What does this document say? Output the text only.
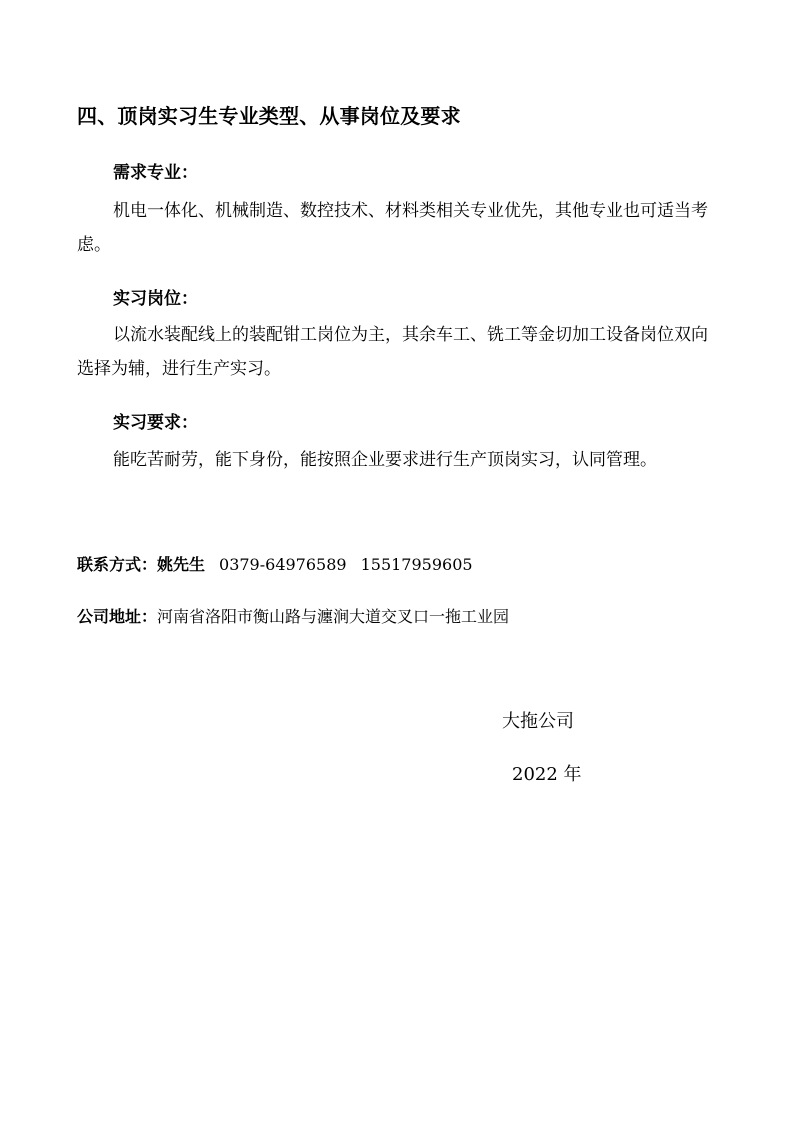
四、顶岗实习生专业类型、从事岗位及要求
需求专业：
机电一体化、机械制造、数控技术、材料类相关专业优先，其他专业也可适当考虑。
实习岗位：
以流水装配线上的装配钳工岗位为主，其余车工、铣工等金切加工设备岗位双向选择为辅，进行生产实习。
实习要求：
能吃苦耐劳，能下身份，能按照企业要求进行生产顶岗实习，认同管理。
联系方式：姚先生 0379-64976589 15517959605
公司地址：河南省洛阳市衡山路与瀍涧大道交叉口一拖工业园
大拖公司
2022 年
